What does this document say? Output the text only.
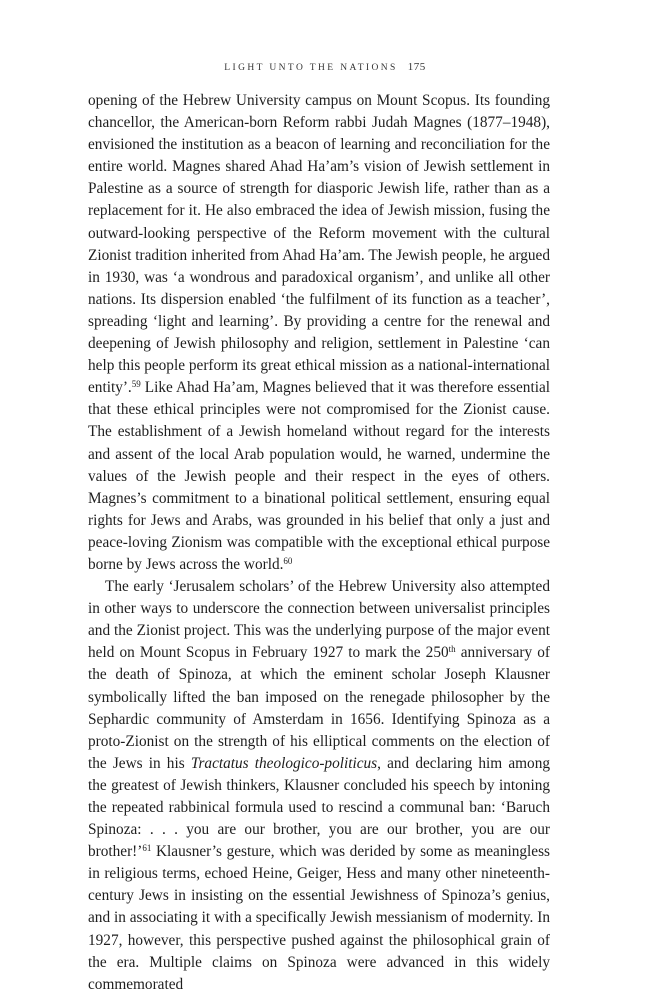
LIGHT UNTO THE NATIONS 175

opening of the Hebrew University campus on Mount Scopus. Its founding chancellor, the American-born Reform rabbi Judah Magnes (1877–1948), envisioned the institution as a beacon of learning and reconciliation for the entire world. Magnes shared Ahad Ha’am’s vision of Jewish settlement in Palestine as a source of strength for diasporic Jewish life, rather than as a replacement for it. He also embraced the idea of Jewish mission, fusing the outward-looking perspective of the Reform movement with the cultural Zionist tradition inherited from Ahad Ha’am. The Jewish people, he argued in 1930, was ‘a wondrous and paradoxical organism’, and unlike all other nations. Its dispersion enabled ‘the fulfilment of its function as a teacher’, spreading ‘light and learning’. By providing a centre for the renewal and deepening of Jewish philosophy and religion, settlement in Palestine ‘can help this people perform its great ethical mission as a national-international entity’.$^{59}$ Like Ahad Ha’am, Magnes believed that it was therefore essential that these ethical principles were not compromised for the Zionist cause. The establishment of a Jewish homeland without regard for the interests and assent of the local Arab population would, he warned, undermine the values of the Jewish people and their respect in the eyes of others. Magnes’s commitment to a binational political settlement, ensuring equal rights for Jews and Arabs, was grounded in his belief that only a just and peace-loving Zionism was compatible with the exceptional ethical purpose borne by Jews across the world.$^{60}$

The early ‘Jerusalem scholars’ of the Hebrew University also attempted in other ways to underscore the connection between universalist principles and the Zionist project. This was the underlying purpose of the major event held on Mount Scopus in February 1927 to mark the 250th anniversary of the death of Spinoza, at which the eminent scholar Joseph Klausner symbolically lifted the ban imposed on the renegade philosopher by the Sephardic community of Amsterdam in 1656. Identifying Spinoza as a proto-Zionist on the strength of his elliptical comments on the election of the Jews in his Tractatus theologico-politicus, and declaring him among the greatest of Jewish thinkers, Klausner concluded his speech by intoning the repeated rabbinical formula used to rescind a communal ban: ‘Baruch Spinoza: . . . you are our brother, you are our brother, you are our brother!’$^{61}$ Klausner’s gesture, which was derided by some as meaningless in religious terms, echoed Heine, Geiger, Hess and many other nineteenth-century Jews in insisting on the essential Jewishness of Spinoza’s genius, and in associating it with a specifically Jewish messianism of modernity. In 1927, however, this perspective pushed against the philosophical grain of the era. Multiple claims on Spinoza were advanced in this widely commemorated
